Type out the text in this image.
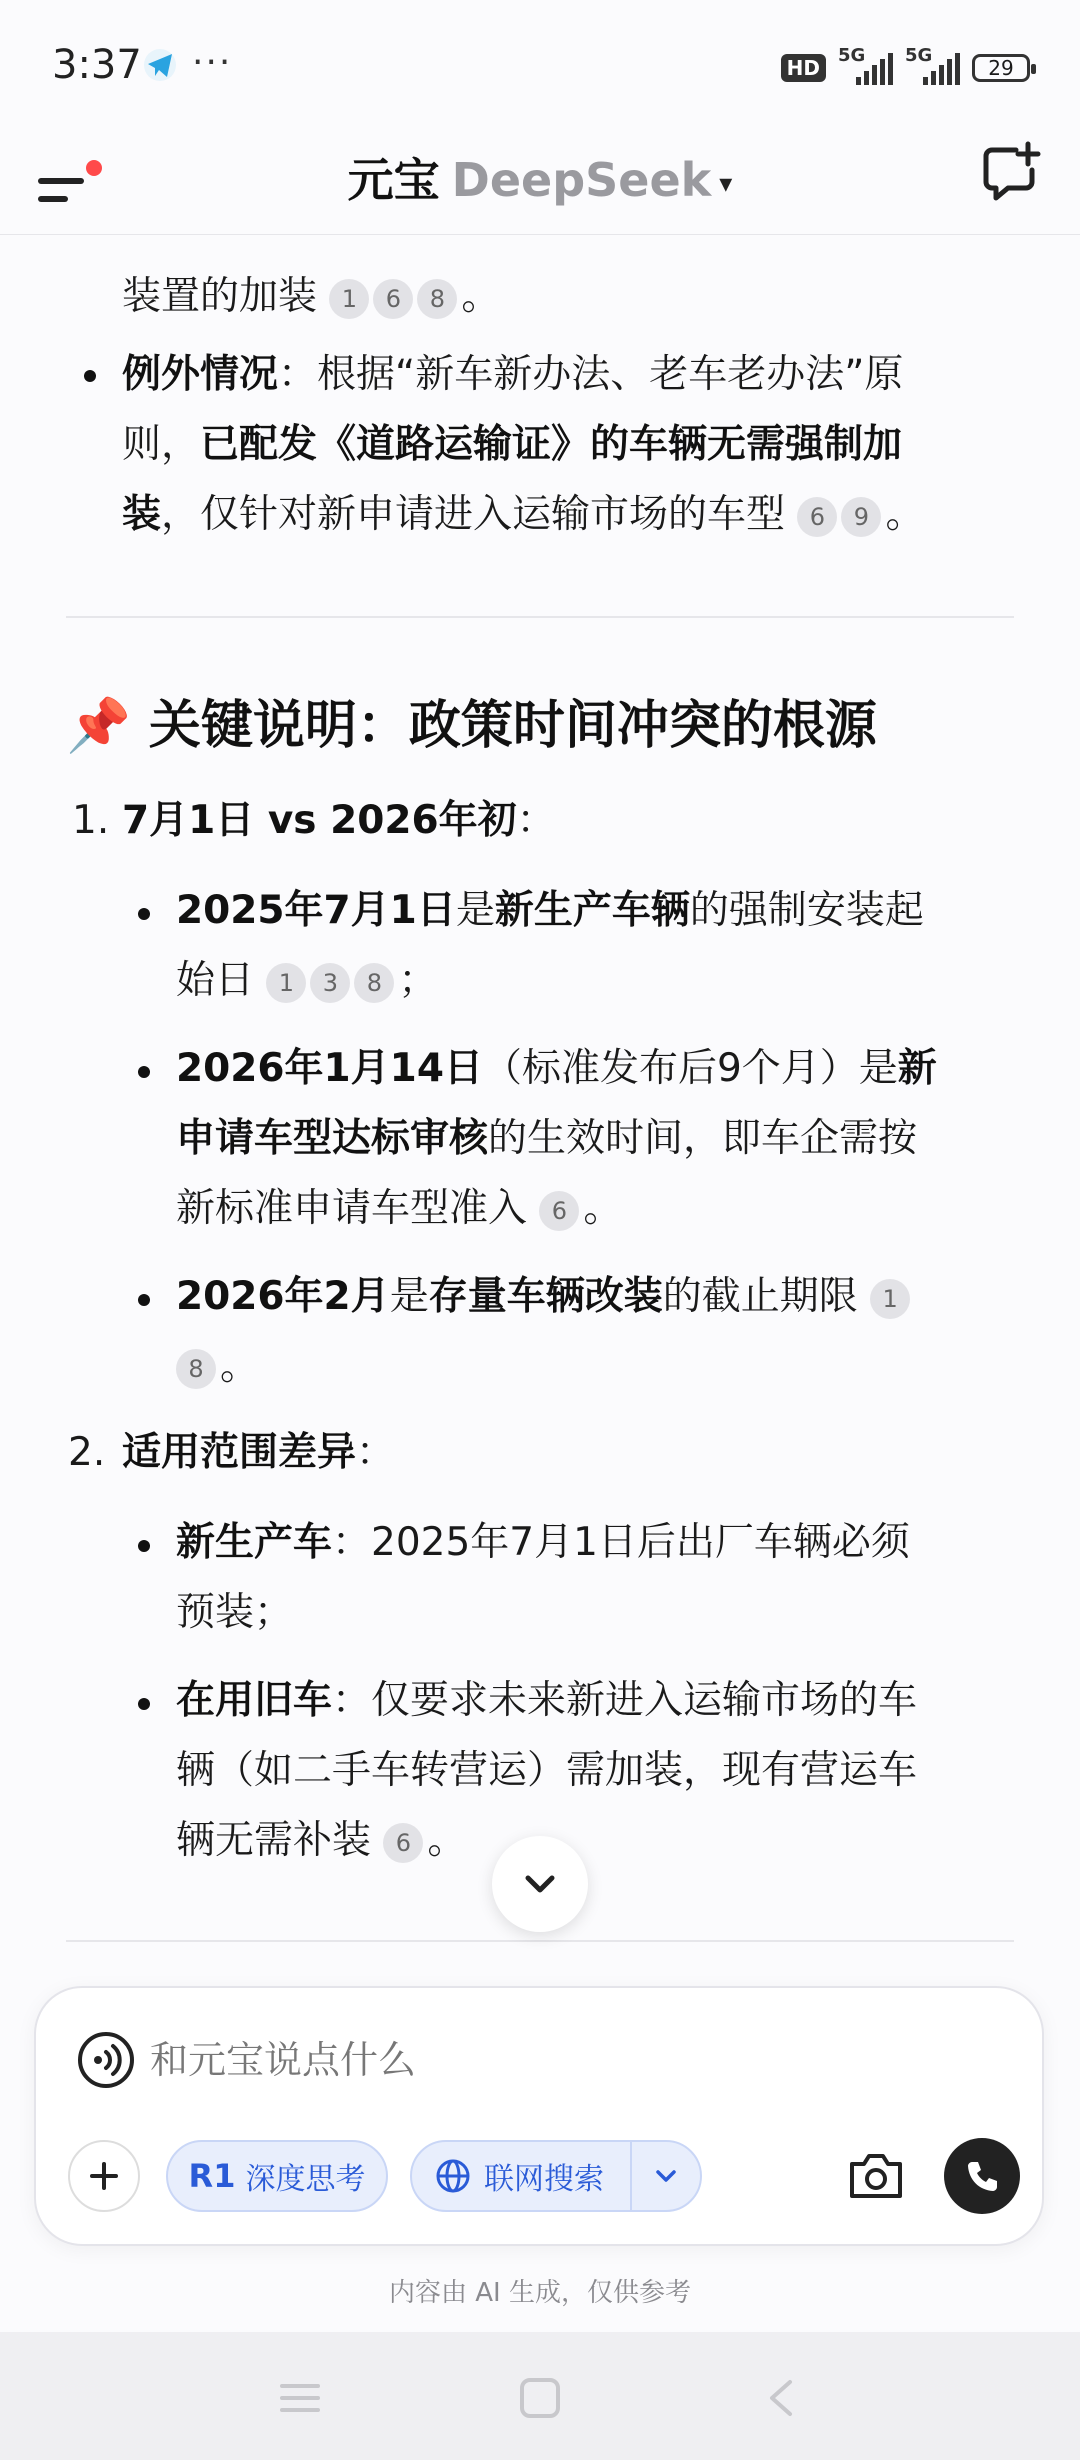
3:37 ···	HD
5G 5G
29
元宝 DeepSeek ▾

装置的加装 1 6 8 。

例外情况：根据“新车新办法、老车老办法”原
则，已配发《道路运输证》的车辆无需强制加
装，仅针对新申请进入运输市场的车型 6 9 。

📌 关键说明：政策时间冲突的根源
1. 7月1日 vs 2026年初：

2025年7月1日是新生产车辆的强制安装起
始日 1 3 8 ；

2026年1月14日（标准发布后9个月）是新
申请车型达标审核的生效时间，即车企需按
新标准申请车型准入 6 。

2026年2月是存量车辆改装的截止期限 1
8 。

2. 适用范围差异：

新生产车：2025年7月1日后出厂车辆必须
预装；

在用旧车：仅要求未来新进入运输市场的车
辆（如二手车转营运）需加装，现有营运车
辆无需补装 6 。

和元宝说点什么
R1 深度思考	联网搜索
内容由 AI 生成，仅供参考
